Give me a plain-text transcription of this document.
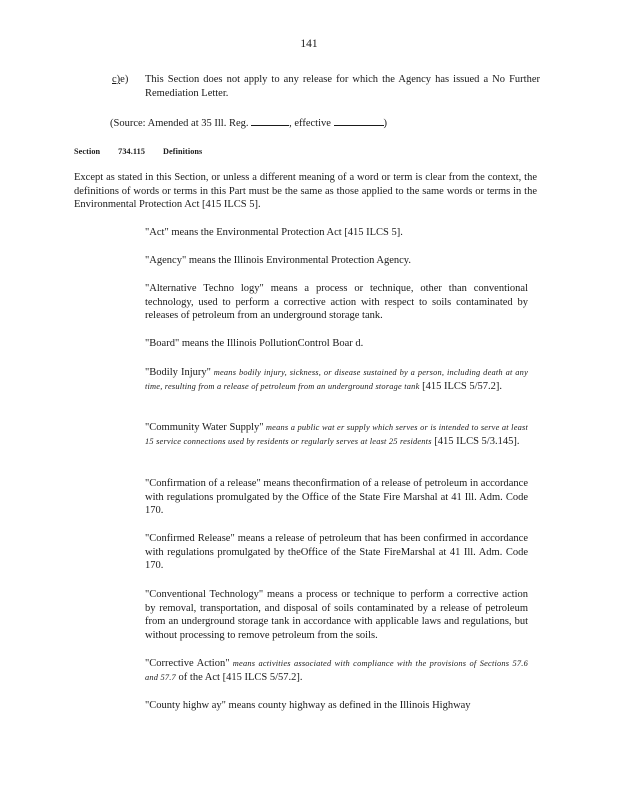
141
c)e) This Section does not apply to any release for which the Agency has issued a No Further Remediation Letter.
(Source: Amended at 35 Ill. Reg.	, effective	)
Section 734.115 Definitions
Except as stated in this Section, or unless a different meaning of a word or term is clear from the context, the definitions of words or terms in this Part must be the same as those applied to the same words or terms in the Environmental Protection Act [415 ILCS 5].
"Act" means the Environmental Protection Act [415 ILCS 5].
"Agency" means the Illinois Environmental Protection Agency.
"Alternative Techno logy" means a process or technique, other than conventional technology, used to perform a corrective action with respect to soils contaminated by releases of petroleum from an underground storage tank.
"Board" means the Illinois PollutionControl Boar d.
"Bodily Injury" means bodily injury, sickness, or disease sustained by a person, including death at any time, resulting from a release of petroleum from an underground storage tank [415 ILCS 5/57.2].
"Community Water Supply" means a public wat er supply which serves or is intended to serve at least 15 service connections used by residents or regularly serves at least 25 residents [415 ILCS 5/3.145].
"Confirmation of a release" means theconfirmation of a release of petroleum in accordance with regulations promulgated by the Office of the State Fire Marshal at 41 Ill. Adm. Code 170.
"Confirmed Release" means a release of petroleum that has been confirmed in accordance with regulations promulgated by theOffice of the State FireMarshal at 41 Ill. Adm. Code 170.
"Conventional Technology" means a process or technique to perform a corrective action by removal, transportation, and disposal of soils contaminated by a release of petroleum from an underground storage tank in accordance with applicable laws and regulations, but without processing to remove petroleum from the soils.
"Corrective Action" means activities associated with compliance with the provisions of Sections 57.6 and 57.7 of the Act [415 ILCS 5/57.2].
"County highw ay" means county highway as defined in the Illinois Highway
